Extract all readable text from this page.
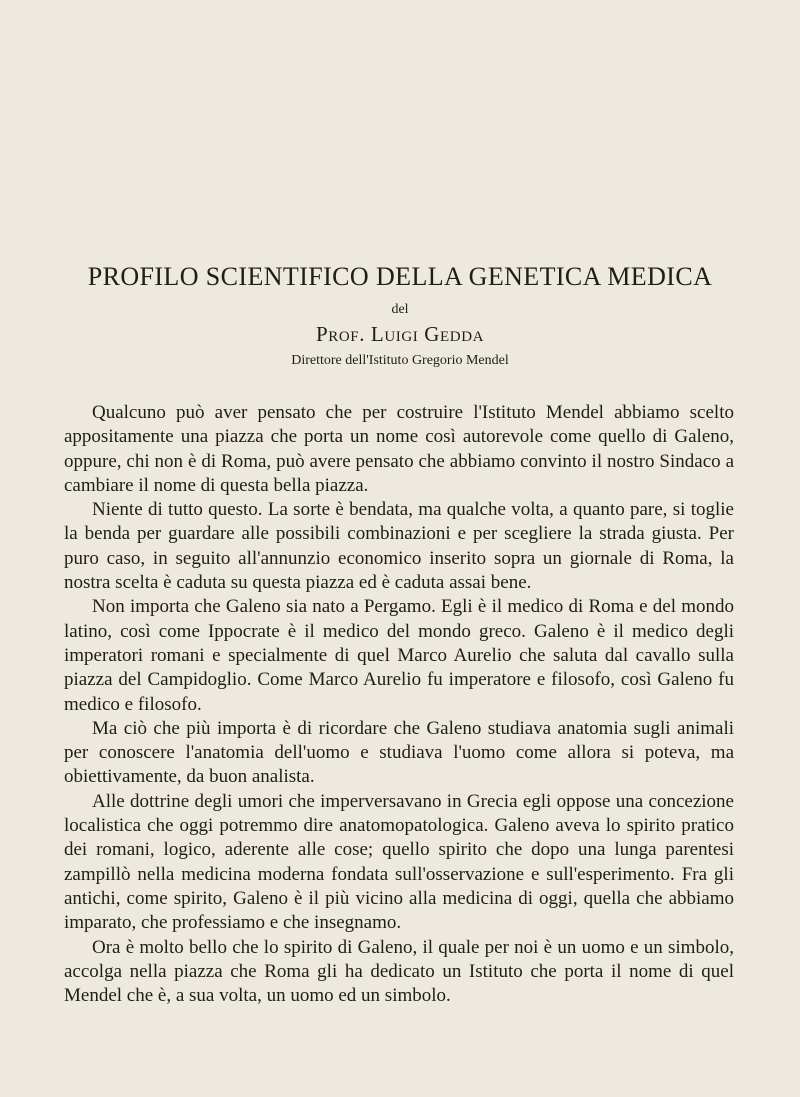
PROFILO SCIENTIFICO DELLA GENETICA MEDICA
del
Prof. Luigi Gedda
Direttore dell'Istituto Gregorio Mendel

Qualcuno può aver pensato che per costruire l'Istituto Mendel abbiamo scelto appositamente una piazza che porta un nome così autorevole come quello di Galeno, oppure, chi non è di Roma, può avere pensato che abbiamo convinto il nostro Sindaco a cambiare il nome di questa bella piazza.

Niente di tutto questo. La sorte è bendata, ma qualche volta, a quanto pare, si toglie la benda per guardare alle possibili combinazioni e per scegliere la strada giusta. Per puro caso, in seguito all'annunzio economico inserito sopra un giornale di Roma, la nostra scelta è caduta su questa piazza ed è caduta assai bene.

Non importa che Galeno sia nato a Pergamo. Egli è il medico di Roma e del mondo latino, così come Ippocrate è il medico del mondo greco. Galeno è il medico degli imperatori romani e specialmente di quel Marco Aurelio che saluta dal cavallo sulla piazza del Campidoglio. Come Marco Aurelio fu imperatore e filosofo, così Galeno fu medico e filosofo.

Ma ciò che più importa è di ricordare che Galeno studiava anatomia sugli animali per conoscere l'anatomia dell'uomo e studiava l'uomo come allora si poteva, ma obiettivamente, da buon analista.

Alle dottrine degli umori che imperversavano in Grecia egli oppose una concezione localistica che oggi potremmo dire anatomopatologica. Galeno aveva lo spirito pratico dei romani, logico, aderente alle cose; quello spirito che dopo una lunga parentesi zampillò nella medicina moderna fondata sull'osservazione e sull'esperimento. Fra gli antichi, come spirito, Galeno è il più vicino alla medicina di oggi, quella che abbiamo imparato, che professiamo e che insegnamo.

Ora è molto bello che lo spirito di Galeno, il quale per noi è un uomo e un simbolo, accolga nella piazza che Roma gli ha dedicato un Istituto che porta il nome di quel Mendel che è, a sua volta, un uomo ed un simbolo.
